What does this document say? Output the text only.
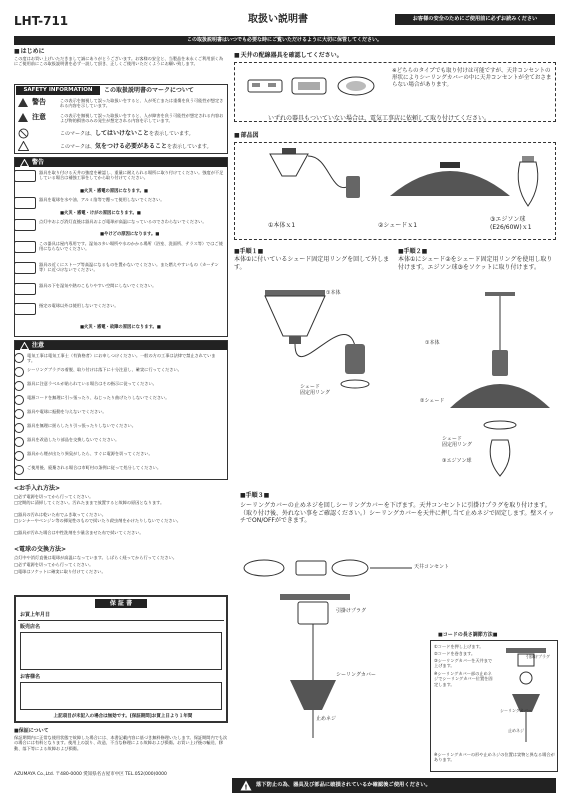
LHT-711	取扱い説明書	お客様の安全のためにご使用前に必ずお読みください
この取扱説明書はいつでも必要な時にご覧いただけるように大切に保管してください。
■ はじめに
この度はお買い上げいただきまして誠にありがとうございます。お客様の安全と、当製品を末永くご利用頂く為にご使用前にこの取扱説明書を必ず一読して頂き、正しくご使用いただくようにお願い致します。
SAFETY INFORMATION	この取扱説明書のマークについて
警告	この表示を無視して誤った取扱いをすると、人が死亡または重傷を負う可能性が想定される内容を示しています。
注意	この表示を無視して誤った取扱いをすると、人が障害を負う可能性が想定される内容および物的損害のみの発生が想定される内容を示しています。
このマークは、してはいけないことを表示しています。
このマークは、気をつける必要があることを表示しています。
警告
器具を取り付ける天井の強度を確認し、重量に耐えられる場所に取り付けてください。強度が不足している場合は補強工事をしてから取り付けてください。
■火災・感電の原因になります。■
器具を電球を水や油、アルミ箔等で覆って使用しないでください。
■火災・感電・けがの原因になります。■
点灯中および消灯直後は器具および電球が高温になっているのでさわらないでください。
■やけどの原因になります。■
この器具は屋内専用です。湿気の多い場所や水のかかる場所（浴室、洗面所、テラス等）ではご使用にならないでください。
器具の近くにストーブ等高温になるものを置かないでください。また燃えやすいもの（カーテン等）に近づけないでください。
器具の下を湿気や熱のこもりやすい空間にしないでください。
指定の電球以外は使用しないでください。
■火災・感電・故障の原因になります。■
注意
電気工事は電気工事士（有資格者）にお申しつけください。一般の方の工事は法律で禁止されています。
シーリングプラグの着脱、取り付けは落下に十分注意し、確実に行ってください。
器具に注意ラベルが貼られている場合はその指示に従ってください。
電源コードを無理に引っ張ったり、ねじったり曲げたりしないでください。
器具や電球に振動を与えないでください。
器具を無理に揺らしたり引っ張ったりしないでください。
器具を改造したり部品を交換しないでください。
器具から煙が出たり異臭がしたら、すぐに電源を切ってください。
ご使用後、廃棄される場合は市町村の条例に従って処分してください。
<お手入れ方法>
□必ず電源を切ってから行ってください。
□定期的に清掃してください。汚れたままで放置すると故障の原因となります。
□器具の汚れは乾いた布でふき取ってください。
□シンナーやベンジン等の揮発性のもので拭いたり殺虫剤をかけたりしないでください。
□器具が汚れた場合は中性洗剤を少量含ませた布で拭いてください。
<電球の交換方法>
点灯中や消灯直後は電球が高温になっています。しばらく経ってから行ってください。
□必ず電源を切ってから行ってください。
□電球はソケットに確実に取り付けてください。
保 証 書
お買上年月日
販売店名
お客様名
上記項目が未記入の場合は無効です。[保証期間]お買上日より１年間
■保証について
保証期間内に正常な使用状態で故障した場合には、本書記載内容に基づき無料修理いたします。保証期間内でも次の場合には有料となります。使用上の誤り、改造、不当な修理による故障および損傷。お買い上げ後の輸送、移動、落下等による故障および損傷。
AZUMAYA Co.,Ltd. 〒480-0000 愛知県名古屋市中区 TEL.052(000)0000
■ 天井の配線器具を確認してください。
※どちらのタイプでも取り付けは可能ですが、天井コンセントの形状によりシーリングカバーの中に天井コンセントが全ておさまらない場合があります。
いずれの器具もついていない場合は、電気工事店に依頼して取り付けてください。
■ 部品図
①本体ｘ1	②シェードｘ1
③エジソン球
(E26/60W)ｘ1
■手順１■
本体①に付いているシェード固定用リングを回して外します。
①本体
シェード
固定用リング
■手順２■
本体①にシェード②をシェード固定用リングを使用し取り付けます。エジソン球③をソケットに取り付けます。
①本体
②シェード
シェード
固定用リング
③エジソン球
■手順３■
シーリングカバーの止めネジを回しシーリングカバーを下げます。天井コンセントに引掛けプラグを取り付けます。（取り付け後、外れない事をご確認ください。）シーリングカバーを天井に押し当て止めネジで固定します。壁スイッチでON/OFFができます。
天井コンセント
引掛けプラグ
シーリングカバー
止めネジ
■コードの長さ調節方法■
①コードを押し上げます。
②コードを巻きます。
③シーリングカバーを天井まで上げます。
※シーリングカバー部の止めネジでシーリングカバー位置を固定します。
引掛けプラグ
シーリングカバー
止めネジ
※シーリングカバーの形や止めネジの位置は実物と異なる場合があります。
! 落下防止の為、器具及び部品に破損されているか確認後ご使用ください。
